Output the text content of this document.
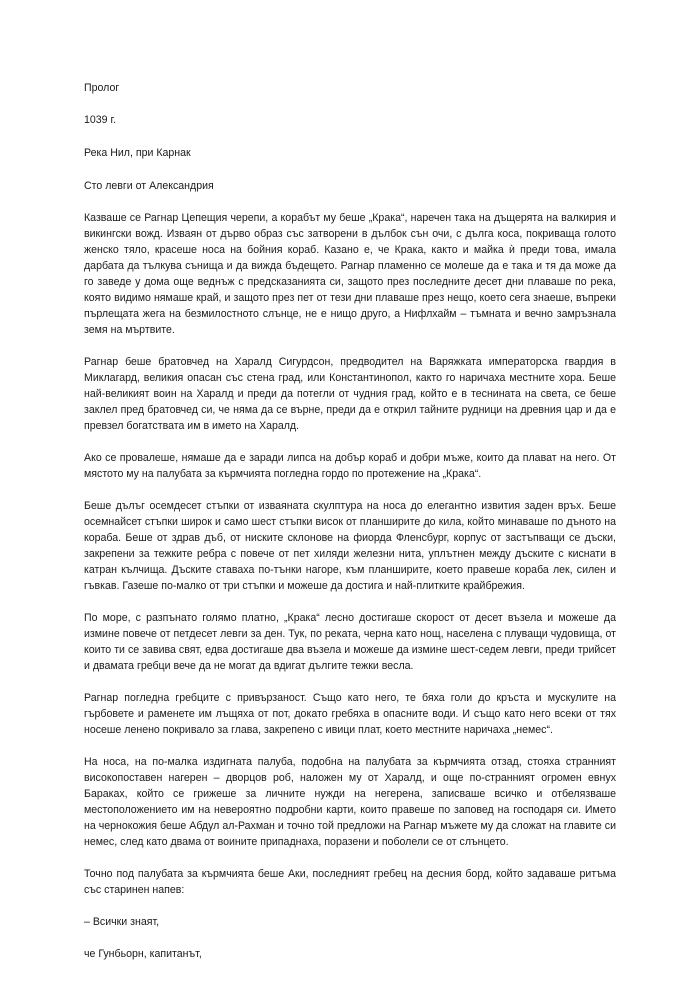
Пролог

1039 г.

Река Нил, при Карнак

Сто левги от Александрия

Казваше се Рагнар Цепещия черепи, а корабът му беше „Крака“, наречен така на дъщерята на валкирия и викингски вожд. Изваян от дърво образ със затворени в дълбок сън очи, с дълга коса, покриваща голото женско тяло, красеше носа на бойния кораб. Казано е, че Крака, както и майка ѝ преди това, имала дарбата да тълкува сънища и да вижда бъдещето. Рагнар пламенно се молеше да е така и тя да може да го заведе у дома още веднъж с предсказанията си, защото през последните десет дни плаваше по река, която видимо нямаше край, и защото през пет от тези дни плаваше през нещо, което сега знаеше, въпреки пърлещата жега на безмилостното слънце, не е нищо друго, а Нифлхайм – тъмната и вечно замръзнала земя на мъртвите.

Рагнар беше братовчед на Харалд Сигурдсон, предводител на Варяжката императорска гвардия в Миклагард, великия опасан със стена град, или Константинопол, както го наричаха местните хора. Беше най-великият воин на Харалд и преди да потегли от чудния град, който е в теснината на света, се беше заклел пред братовчед си, че няма да се върне, преди да е открил тайните рудници на древния цар и да е превзел богатствата им в името на Харалд.

Ако се провалеше, нямаше да е заради липса на добър кораб и добри мъже, които да плават на него. От мястото му на палубата за кърмчията погледна гордо по протежение на „Крака“.

Беше дълъг осемдесет стъпки от изваяната скулптура на носа до елегантно извития заден връх. Беше осемнайсет стъпки широк и само шест стъпки висок от планширите до кила, който минаваше по дъното на кораба. Беше от здрав дъб, от ниските склонове на фиорда Фленсбург, корпус от застъпващи се дъски, закрепени за тежките ребра с повече от пет хиляди железни нита, уплътнен между дъските с киснати в катран кълчища. Дъските ставаха по-тънки нагоре, към планширите, което правеше кораба лек, силен и гъвкав. Газеше по-малко от три стъпки и можеше да достига и най-плитките крайбрежия.

По море, с разпънато голямо платно, „Крака“ лесно достигаше скорост от десет възела и можеше да измине повече от петдесет левги за ден. Тук, по реката, черна като нощ, населена с плуващи чудовища, от които ти се завива свят, едва достигаше два възела и можеше да измине шест-седем левги, преди трийсет и двамата гребци вече да не могат да вдигат дългите тежки весла.

Рагнар погледна гребците с привързаност. Също като него, те бяха голи до кръста и мускулите на гърбовете и раменете им лъщяха от пот, докато гребяха в опасните води. И също като него всеки от тях носеше ленено покривало за глава, закрепено с ивици плат, което местните наричаха „немес“.

На носа, на по-малка издигната палуба, подобна на палубата за кърмчията отзад, стояха странният високопоставен нагерен – дворцов роб, наложен му от Харалд, и още по-странният огромен евнух Бараках, който се грижеше за личните нужди на негерена, записваше всичко и отбелязваше местоположението им на невероятно подробни карти, които правеше по заповед на господаря си. Името на чернокожия беше Абдул ал-Рахман и точно той предложи на Рагнар мъжете му да сложат на главите си немес, след като двама от воините припаднаха, поразени и поболели се от слънцето.

Точно под палубата за кърмчията беше Аки, последният гребец на десния борд, който задаваше ритъма със старинен напев:

– Всички знаят,

че Гунбьорн, капитанът,
